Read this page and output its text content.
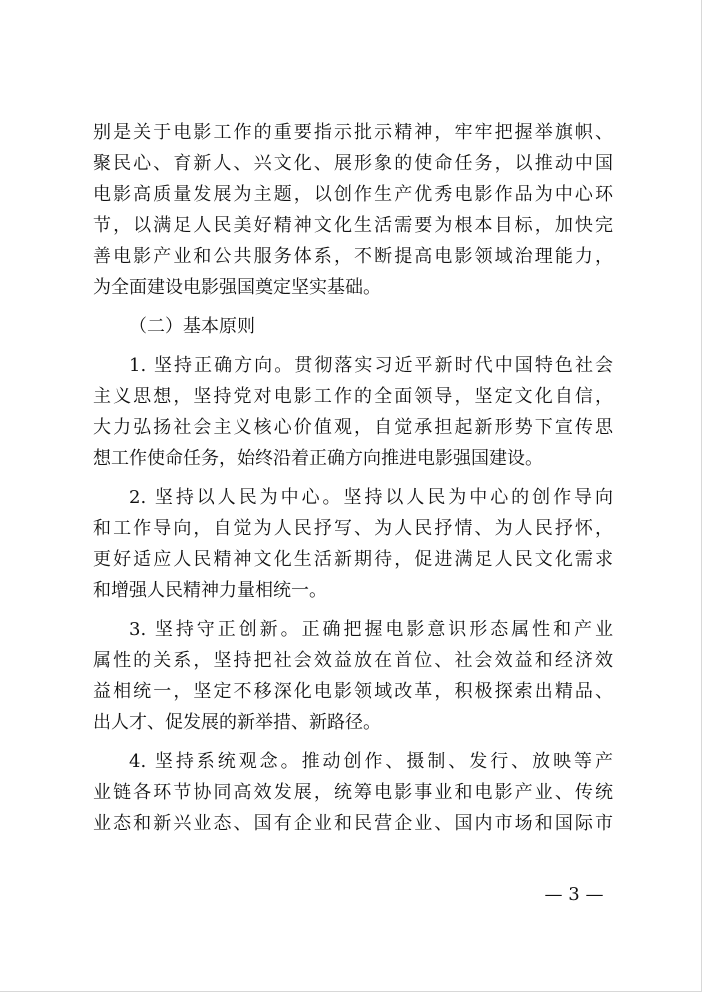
别是关于电影工作的重要指示批示精神，牢牢把握举旗帜、
聚民心、育新人、兴文化、展形象的使命任务，以推动中国
电影高质量发展为主题，以创作生产优秀电影作品为中心环
节，以满足人民美好精神文化生活需要为根本目标，加快完
善电影产业和公共服务体系，不断提高电影领域治理能力，
为全面建设电影强国奠定坚实基础。
（二）基本原则
1. 坚持正确方向。贯彻落实习近平新时代中国特色社会
主义思想，坚持党对电影工作的全面领导，坚定文化自信，
大力弘扬社会主义核心价值观，自觉承担起新形势下宣传思
想工作使命任务，始终沿着正确方向推进电影强国建设。
2. 坚持以人民为中心。坚持以人民为中心的创作导向
和工作导向，自觉为人民抒写、为人民抒情、为人民抒怀，
更好适应人民精神文化生活新期待，促进满足人民文化需求
和增强人民精神力量相统一。
3. 坚持守正创新。正确把握电影意识形态属性和产业
属性的关系，坚持把社会效益放在首位、社会效益和经济效
益相统一，坚定不移深化电影领域改革，积极探索出精品、
出人才、促发展的新举措、新路径。
4. 坚持系统观念。推动创作、摄制、发行、放映等产
业链各环节协同高效发展，统筹电影事业和电影产业、传统
业态和新兴业态、国有企业和民营企业、国内市场和国际市
— 3 —
